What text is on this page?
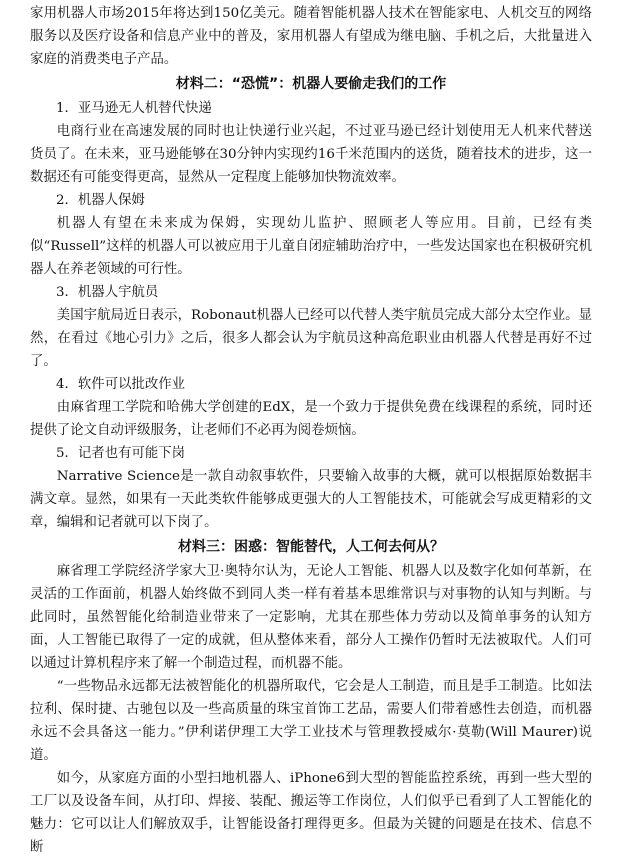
家用机器人市场2015年将达到150亿美元。随着智能机器人技术在智能家电、人机交互的网络服务以及医疗设备和信息产业中的普及，家用机器人有望成为继电脑、手机之后，大批量进入家庭的消费类电子产品。

材料二：“恐慌”：机器人要偷走我们的工作

1．亚马逊无人机替代快递

电商行业在高速发展的同时也让快递行业兴起，不过亚马逊已经计划使用无人机来代替送货员了。在未来，亚马逊能够在30分钟内实现约16千米范围内的送货，随着技术的进步，这一数据还有可能变得更高，显然从一定程度上能够加快物流效率。

2．机器人保姆

机器人有望在未来成为保姆，实现幼儿监护、照顾老人等应用。目前，已经有类似“Russell”这样的机器人可以被应用于儿童自闭症辅助治疗中，一些发达国家也在积极研究机器人在养老领域的可行性。

3．机器人宇航员

美国宇航局近日表示，Robonaut机器人已经可以代替人类宇航员完成大部分太空作业。显然，在看过《地心引力》之后，很多人都会认为宇航员这种高危职业由机器人代替是再好不过了。

4．软件可以批改作业

由麻省理工学院和哈佛大学创建的EdX，是一个致力于提供免费在线课程的系统，同时还提供了论文自动评级服务，让老师们不必再为阅卷烦恼。

5．记者也有可能下岗

Narrative Science是一款自动叙事软件，只要输入故事的大概，就可以根据原始数据丰满文章。显然，如果有一天此类软件能够成更强大的人工智能技术，可能就会写成更精彩的文章，编辑和记者就可以下岗了。

材料三：困惑：智能替代，人工何去何从？

麻省理工学院经济学家大卫·奥特尔认为，无论人工智能、机器人以及数字化如何革新，在灵活的工作面前，机器人始终做不到同人类一样有着基本思维常识与对事物的认知与判断。与此同时，虽然智能化给制造业带来了一定影响，尤其在那些体力劳动以及简单事务的认知方面，人工智能已取得了一定的成就，但从整体来看，部分人工操作仍暂时无法被取代。人们可以通过计算机程序来了解一个制造过程，而机器不能。

“一些物品永远都无法被智能化的机器所取代，它会是人工制造，而且是手工制造。比如法拉利、保时捷、古驰包以及一些高质量的珠宝首饰工艺品，需要人们带着感性去创造，而机器永远不会具备这一能力。”伊利诺伊理工大学工业技术与管理教授威尔·莫勒(Will Maurer)说道。

如今，从家庭方面的小型扫地机器人、iPhone6到大型的智能监控系统，再到一些大型的工厂以及设备车间，从打印、焊接、装配、搬运等工作岗位，人们似乎已看到了人工智能化的魅力：它可以让人们解放双手，让智能设备打理得更多。但最为关键的问题是在技术、信息不断
